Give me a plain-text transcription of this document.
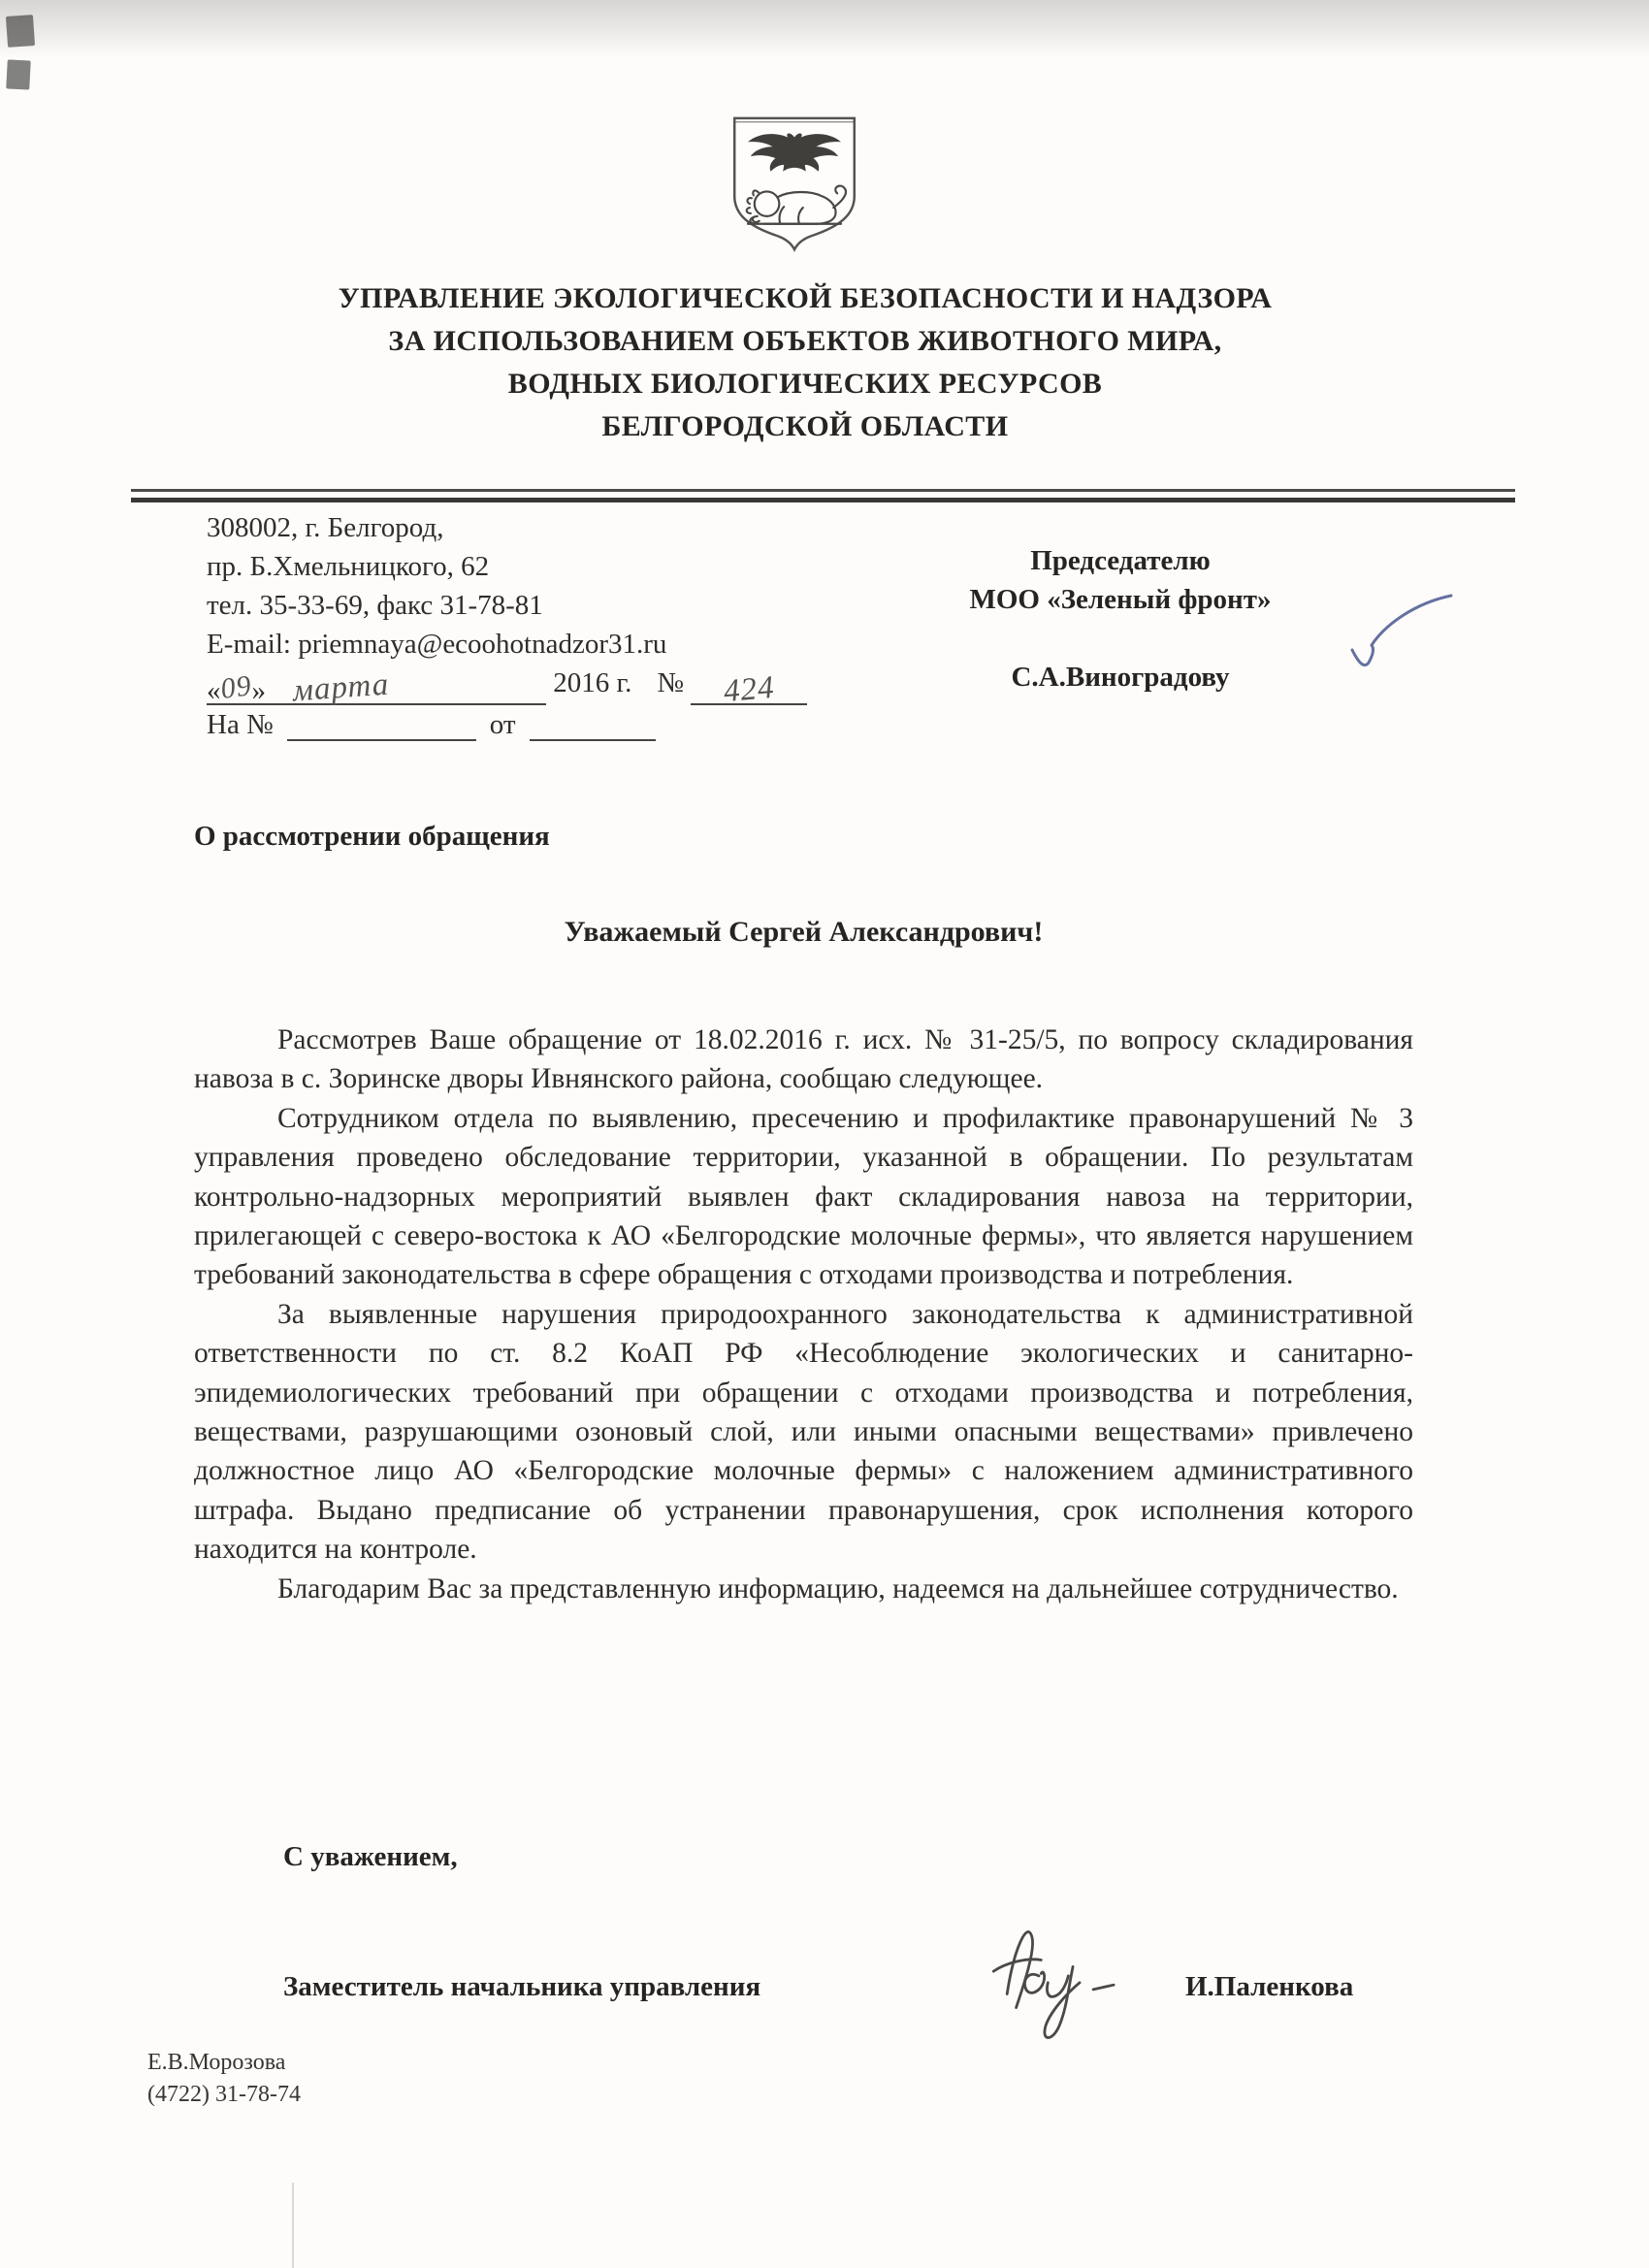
УПРАВЛЕНИЕ ЭКОЛОГИЧЕСКОЙ БЕЗОПАСНОСТИ И НАДЗОРА
ЗА ИСПОЛЬЗОВАНИЕМ ОБЪЕКТОВ ЖИВОТНОГО МИРА,
ВОДНЫХ БИОЛОГИЧЕСКИХ РЕСУРСОВ
БЕЛГОРОДСКОЙ ОБЛАСТИ
308002, г. Белгород,
пр. Б.Хмельницкого, 62
тел. 35-33-69, факс 31-78-81
E-mail: priemnaya@ecoohotnadzor31.ru
«09» марта	2016 г. № 424
На №	от
Председателю
МОО «Зеленый фронт»
С.А.Виноградову
О рассмотрении обращения
Уважаемый Сергей Александрович!

Рассмотрев Ваше обращение от 18.02.2016 г. исх. № 31-25/5, по вопросу складирования навоза в с. Зоринске дворы Ивнянского района, сообщаю следующее.

Сотрудником отдела по выявлению, пресечению и профилактике правонарушений № 3 управления проведено обследование территории, указанной в обращении. По результатам контрольно-надзорных мероприятий выявлен факт складирования навоза на территории, прилегающей с северо-востока к АО «Белгородские молочные фермы», что является нарушением требований законодательства в сфере обращения с отходами производства и потребления.

За выявленные нарушения природоохранного законодательства к административной ответственности по ст. 8.2 КоАП РФ «Несоблюдение экологических и санитарно-эпидемиологических требований при обращении с отходами производства и потребления, веществами, разрушающими озоновый слой, или иными опасными веществами» привлечено должностное лицо АО «Белгородские молочные фермы» с наложением административного штрафа. Выдано предписание об устранении правонарушения, срок исполнения которого находится на контроле.

Благодарим Вас за представленную информацию, надеемся на дальнейшее сотрудничество.

С уважением,
Заместитель начальника управления	И.Паленкова
Е.В.Морозова
(4722) 31-78-74
